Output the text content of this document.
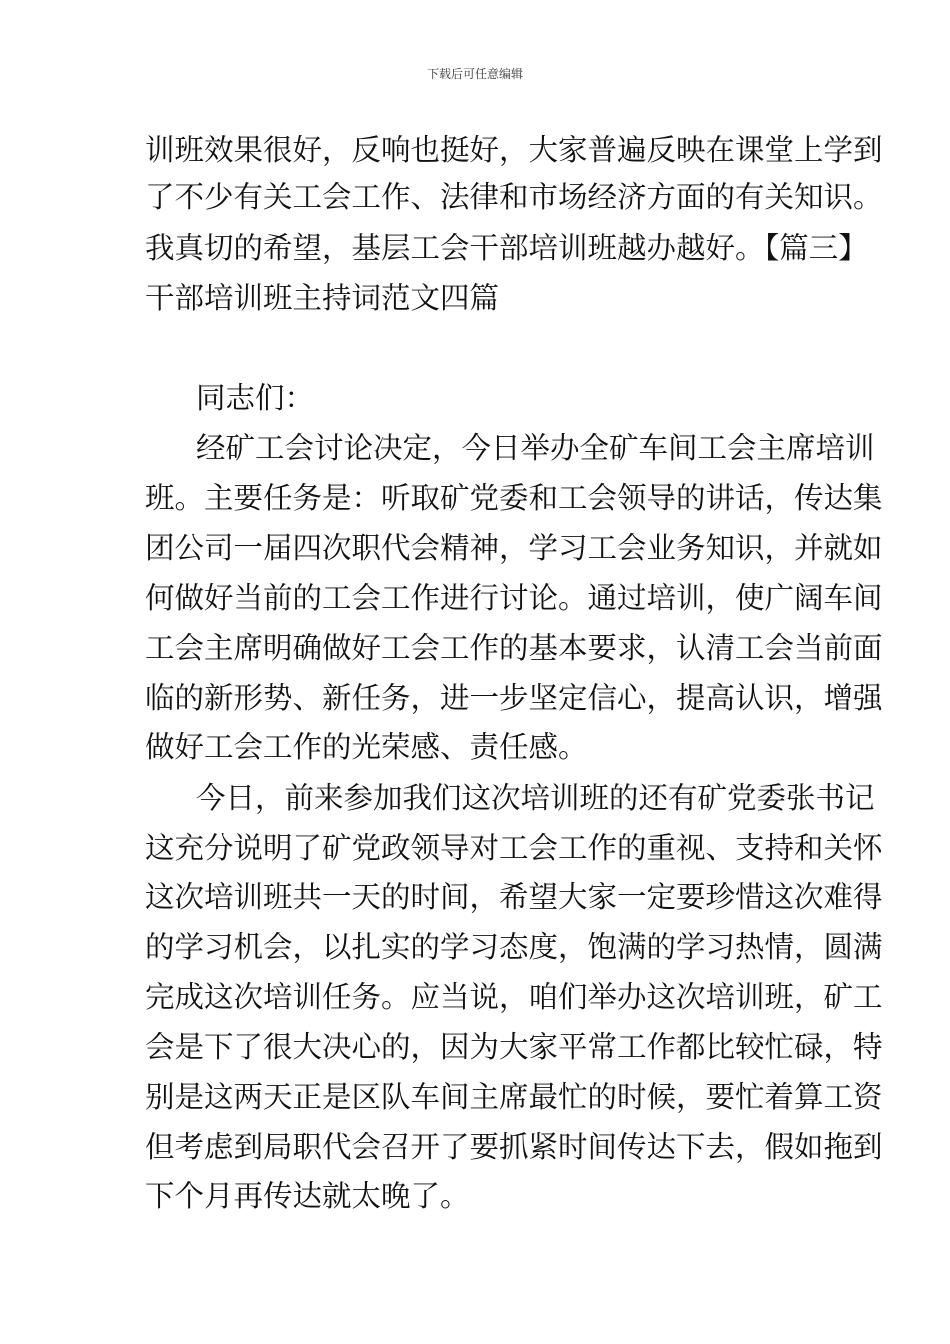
下载后可任意编辑
训班效果很好，反响也挺好，大家普遍反映在课堂上学到
了不少有关工会工作、法律和市场经济方面的有关知识。
我真切的希望，基层工会干部培训班越办越好。【篇三】
干部培训班主持词范文四篇
同志们：
经矿工会讨论决定，今日举办全矿车间工会主席培训
班。主要任务是：听取矿党委和工会领导的讲话，传达集
团公司一届四次职代会精神，学习工会业务知识，并就如
何做好当前的工会工作进行讨论。通过培训，使广阔车间
工会主席明确做好工会工作的基本要求，认清工会当前面
临的新形势、新任务，进一步坚定信心，提高认识，增强
做好工会工作的光荣感、责任感。
今日，前来参加我们这次培训班的还有矿党委张书记
这充分说明了矿党政领导对工会工作的重视、支持和关怀
这次培训班共一天的时间，希望大家一定要珍惜这次难得
的学习机会，以扎实的学习态度，饱满的学习热情，圆满
完成这次培训任务。应当说，咱们举办这次培训班，矿工
会是下了很大决心的，因为大家平常工作都比较忙碌，特
别是这两天正是区队车间主席最忙的时候，要忙着算工资
但考虑到局职代会召开了要抓紧时间传达下去，假如拖到
下个月再传达就太晚了。
